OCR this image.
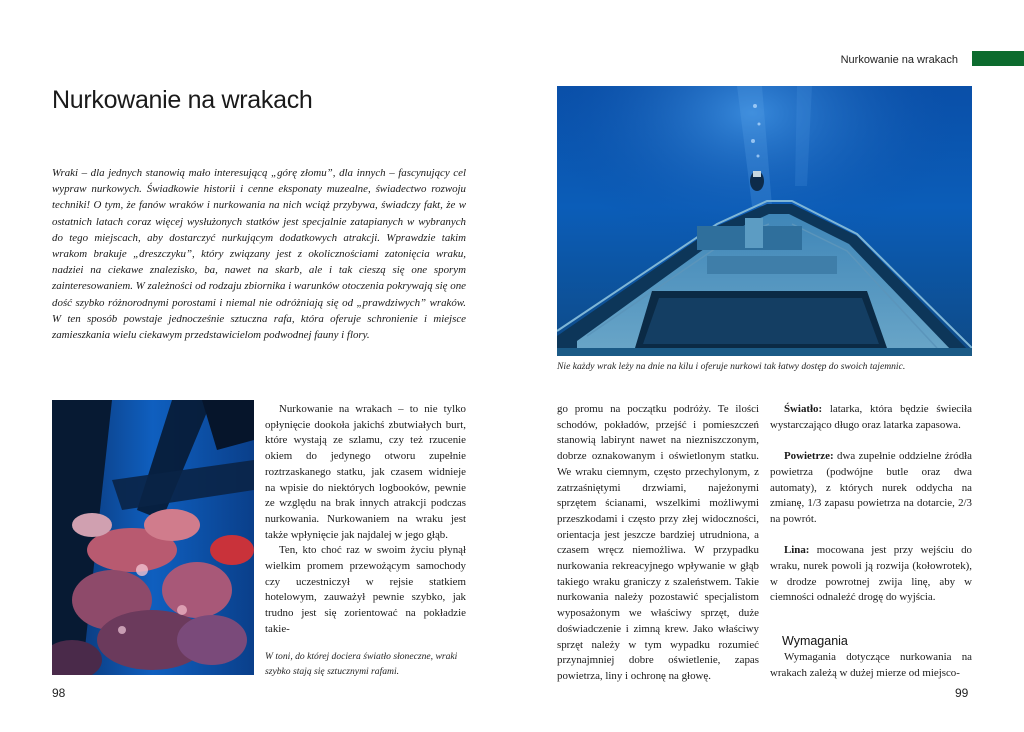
Nurkowanie na wrakach
Nurkowanie na wrakach
Wraki – dla jednych stanowią mało interesującą „górę złomu”, dla innych – fascynujący cel wypraw nurkowych. Świadkowie historii i cenne eksponaty muzealne, świadectwo rozwoju techniki! O tym, że fanów wraków i nurkowania na nich wciąż przybywa, świadczy fakt, że w ostatnich latach coraz więcej wysłużonych statków jest specjalnie zatapianych w wybranych do tego miejscach, aby dostarczyć nurkującym dodatkowych atrakcji. Wprawdzie takim wrakom brakuje „dreszczyku”, który związany jest z okolicznościami zatonięcia wraku, nadziei na ciekawe znalezisko, ba, nawet na skarb, ale i tak cieszą się one sporym zainteresowaniem. W zależności od rodzaju zbiornika i warunków otoczenia pokrywają się one dość szybko różnorodnymi porostami i niemal nie odróżniają się od „prawdziwych” wraków. W ten sposób powstaje jednocześnie sztuczna rafa, która oferuje schronienie i miejsce zamieszkania wielu ciekawym przedstawicielom podwodnej fauny i flory.
Nie każdy wrak leży na dnie na kilu i oferuje nurkowi tak łatwy dostęp do swoich tajemnic.
W toni, do której dociera światło słoneczne, wraki szybko stają się sztucznymi rafami.

Nurkowanie na wrakach – to nie tylko opłynięcie dookoła jakichś zbutwiałych burt, które wystają ze szlamu, czy też rzucenie okiem do jedynego otworu zupełnie roztrzaskanego statku, jak czasem widnieje na wpisie do niektórych logbooków, pewnie ze względu na brak innych atrakcji podczas nurkowania. Nurkowaniem na wraku jest także wpłynięcie jak najdalej w jego głąb.

Ten, kto choć raz w swoim życiu płynął wielkim promem przewożącym samochody czy uczestniczył w rejsie statkiem hotelowym, zauważył pewnie szybko, jak trudno jest się zorientować na pokładzie takie-

go promu na początku podróży. Te ilości schodów, pokładów, przejść i pomieszczeń stanowią labirynt nawet na niezniszczonym, dobrze oznakowanym i oświetlonym statku. We wraku ciemnym, często przechylonym, z zatrzaśniętymi drzwiami, najeżonymi sprzętem ścianami, wszelkimi możliwymi przeszkodami i często przy złej widoczności, orientacja jest jeszcze bardziej utrudniona, a czasem wręcz niemożliwa. W przypadku nurkowania rekreacyjnego wpływanie w głąb takiego wraku graniczy z szaleństwem. Takie nurkowania należy pozostawić specjalistom wyposażonym we właściwy sprzęt, duże doświadczenie i zimną krew. Jako właściwy sprzęt należy w tym wypadku rozumieć przynajmniej dobre oświetlenie, zapas powietrza, liny i ochronę na głowę.

Światło: latarka, która będzie świeciła wystarczająco długo oraz latarka zapasowa.

Powietrze: dwa zupełnie oddzielne źródła powietrza (podwójne butle oraz dwa automaty), z których nurek oddycha na zmianę, 1/3 zapasu powietrza na dotarcie, 2/3 na powrót.

Lina: mocowana jest przy wejściu do wraku, nurek powoli ją rozwija (kołowrotek), w drodze powrotnej zwija linę, aby w ciemności odnaleźć drogę do wyjścia.

Wymagania

Wymagania dotyczące nurkowania na wrakach zależą w dużej mierze od miejsco-

98	99
